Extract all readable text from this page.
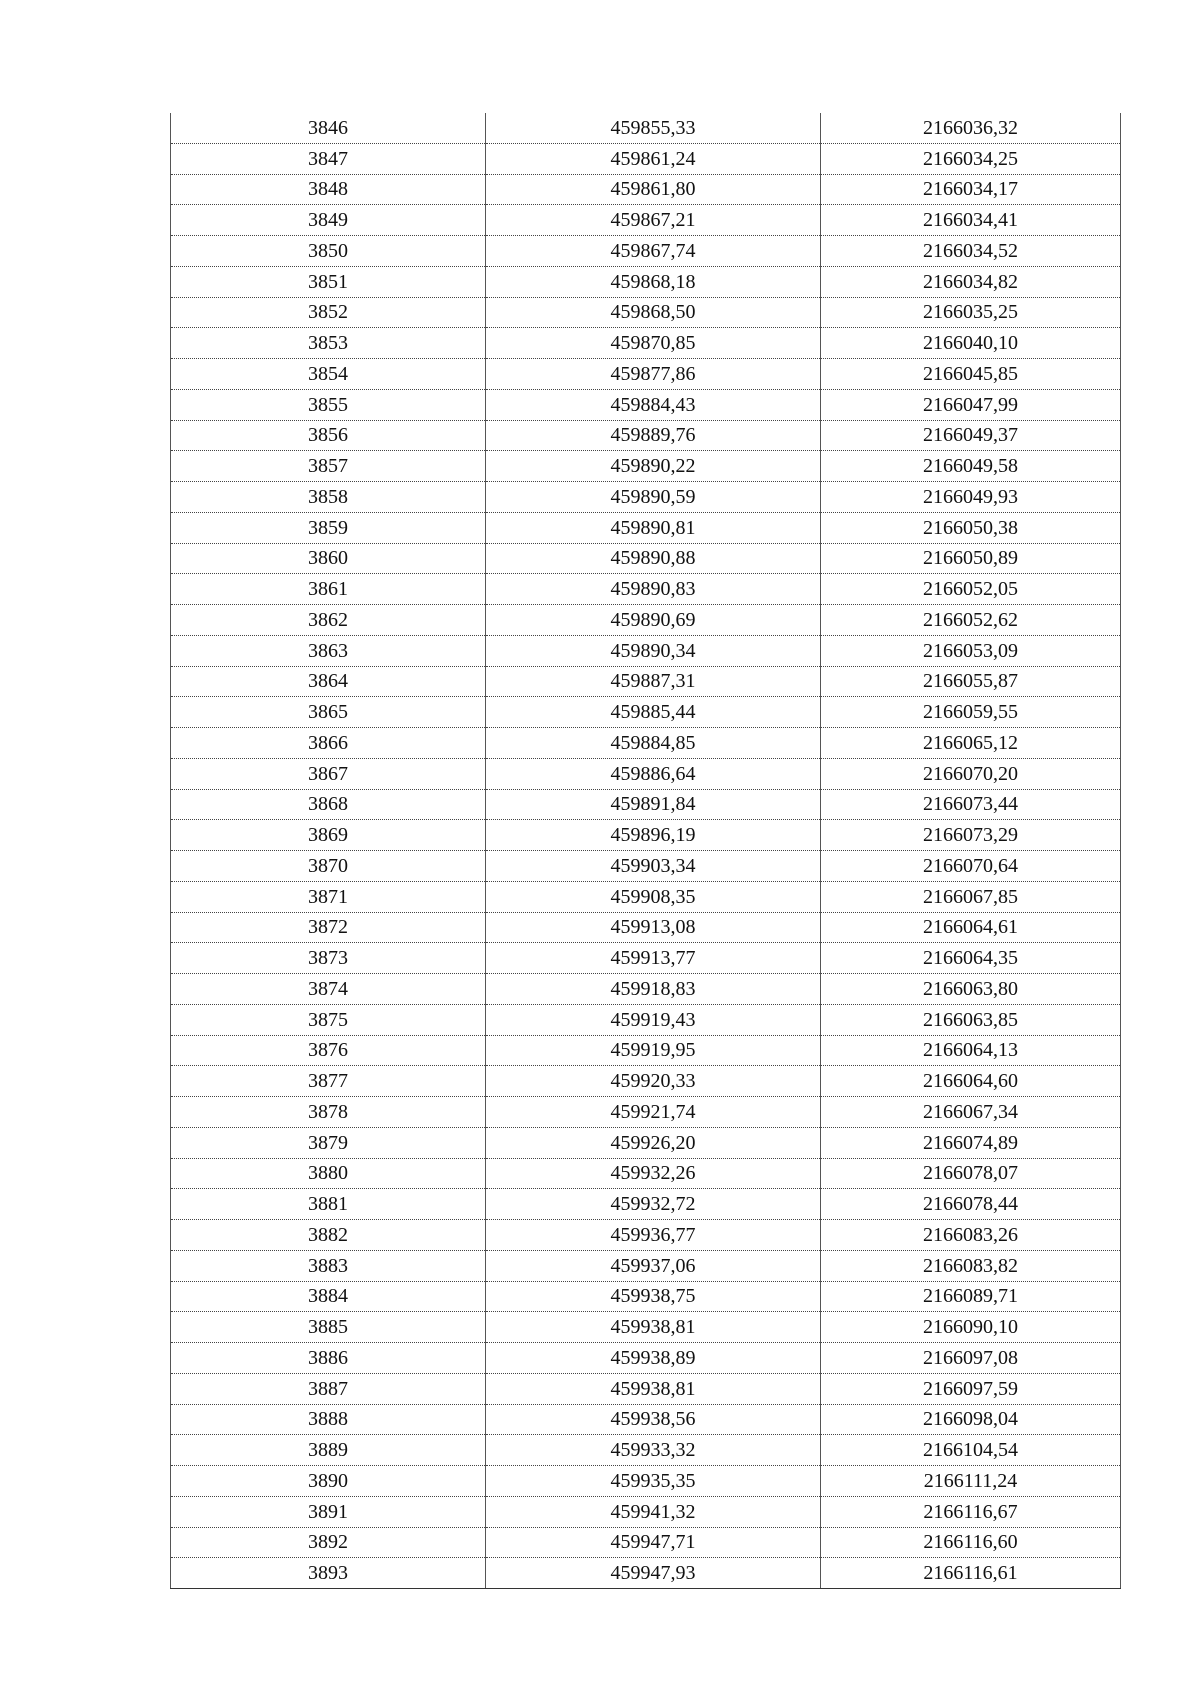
3846	459855,33	2166036,32
3847	459861,24	2166034,25
3848	459861,80	2166034,17
3849	459867,21	2166034,41
3850	459867,74	2166034,52
3851	459868,18	2166034,82
3852	459868,50	2166035,25
3853	459870,85	2166040,10
3854	459877,86	2166045,85
3855	459884,43	2166047,99
3856	459889,76	2166049,37
3857	459890,22	2166049,58
3858	459890,59	2166049,93
3859	459890,81	2166050,38
3860	459890,88	2166050,89
3861	459890,83	2166052,05
3862	459890,69	2166052,62
3863	459890,34	2166053,09
3864	459887,31	2166055,87
3865	459885,44	2166059,55
3866	459884,85	2166065,12
3867	459886,64	2166070,20
3868	459891,84	2166073,44
3869	459896,19	2166073,29
3870	459903,34	2166070,64
3871	459908,35	2166067,85
3872	459913,08	2166064,61
3873	459913,77	2166064,35
3874	459918,83	2166063,80
3875	459919,43	2166063,85
3876	459919,95	2166064,13
3877	459920,33	2166064,60
3878	459921,74	2166067,34
3879	459926,20	2166074,89
3880	459932,26	2166078,07
3881	459932,72	2166078,44
3882	459936,77	2166083,26
3883	459937,06	2166083,82
3884	459938,75	2166089,71
3885	459938,81	2166090,10
3886	459938,89	2166097,08
3887	459938,81	2166097,59
3888	459938,56	2166098,04
3889	459933,32	2166104,54
3890	459935,35	2166111,24
3891	459941,32	2166116,67
3892	459947,71	2166116,60
3893	459947,93	2166116,61
